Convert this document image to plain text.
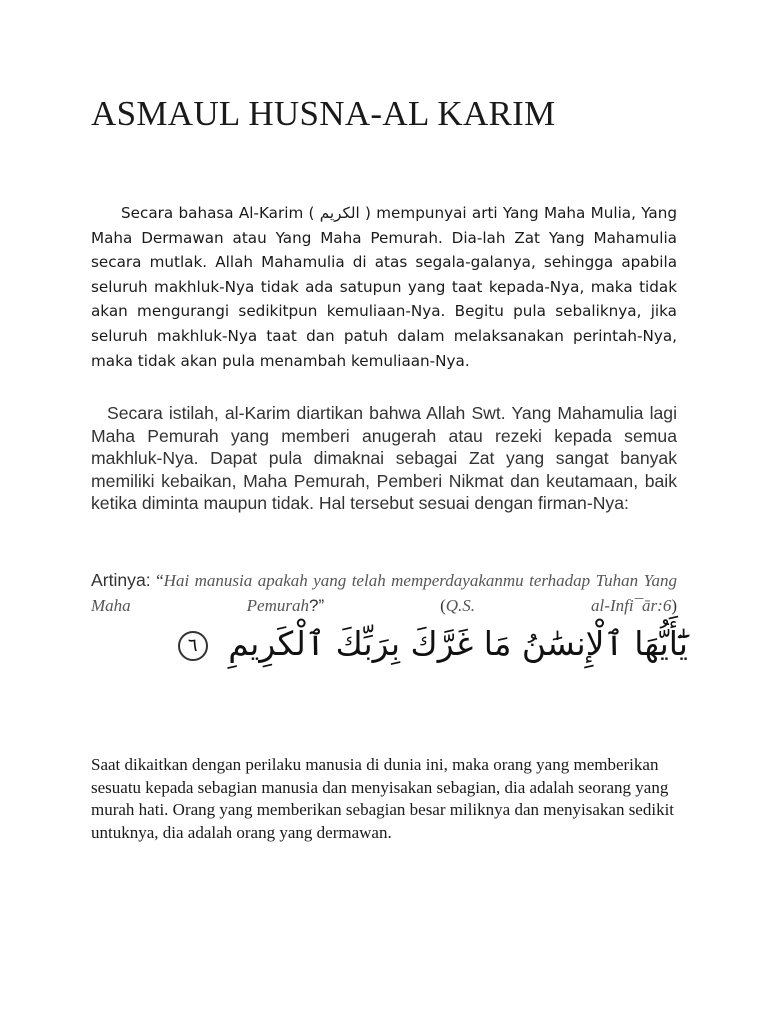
ASMAUL HUSNA-AL KARIM

Secara bahasa Al-Karim ( الكريم ) mempunyai arti Yang Maha Mulia, Yang Maha Dermawan atau Yang Maha Pemurah. Dia-lah Zat Yang Mahamulia secara mutlak. Allah Mahamulia di atas segala-galanya, sehingga apabila seluruh makhluk-Nya tidak ada satupun yang taat kepada-Nya, maka tidak akan mengurangi sedikitpun kemuliaan-Nya. Begitu pula sebaliknya, jika seluruh makhluk-Nya taat dan patuh dalam melaksanakan perintah-Nya, maka tidak akan pula menambah kemuliaan-Nya.

Secara istilah, al-Karim diartikan bahwa Allah Swt. Yang Mahamulia lagi Maha Pemurah yang memberi anugerah atau rezeki kepada semua makhluk-Nya. Dapat pula dimaknai sebagai Zat yang sangat banyak memiliki kebaikan, Maha Pemurah, Pemberi Nikmat dan keutamaan, baik ketika diminta maupun tidak. Hal tersebut sesuai dengan firman-Nya:

Artinya: “Hai manusia apakah yang telah memperdayakanmu terhadap Tuhan Yang Maha Pemurah?” (Q.S. al-Infi¯ār:6)

يَٰٓأَيُّهَا ٱلْإِنسَٰنُ مَا غَرَّكَ بِرَبِّكَ ٱلْكَرِيمِ ٦

Saat dikaitkan dengan perilaku manusia di dunia ini, maka orang yang memberikan sesuatu kepada sebagian manusia dan menyisakan sebagian, dia adalah seorang yang murah hati. Orang yang memberikan sebagian besar miliknya dan menyisakan sedikit untuknya, dia adalah orang yang dermawan.
